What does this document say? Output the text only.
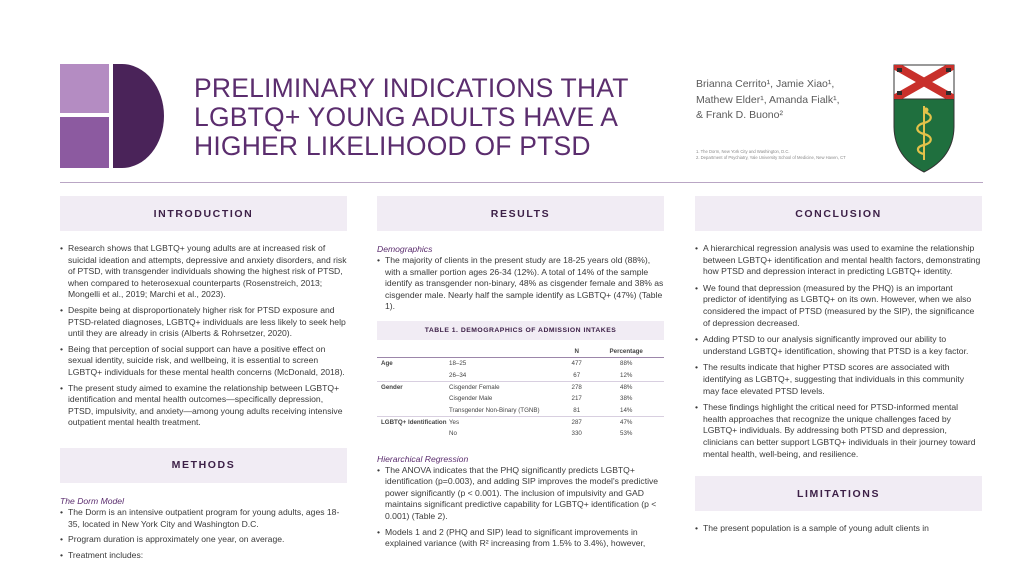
PRELIMINARY INDICATIONS THAT
LGBTQ+ YOUNG ADULTS HAVE A
HIGHER LIKELIHOOD OF PTSD
Brianna Cerrito¹, Jamie Xiao¹,
Mathew Elder¹, Amanda Fialk¹,
& Frank D. Buono²
1. The Dorm, New York City and Washington, D.C.
2. Department of Psychiatry, Yale University School of Medicine, New Haven, CT
INTRODUCTION
• Research shows that LGBTQ+ young adults are at increased risk of suicidal ideation and attempts, depressive and anxiety disorders, and risk of PTSD, with transgender individuals showing the highest risk of PTSD, when compared to heterosexual counterparts (Rosenstreich, 2013; Mongelli et al., 2019; Marchi et al., 2023).
• Despite being at disproportionately higher risk for PTSD exposure and PTSD-related diagnoses, LGBTQ+ individuals are less likely to seek help until they are already in crisis (Alberts & Rohrsetzer, 2020).
• Being that perception of social support can have a positive effect on sexual identity, suicide risk, and wellbeing, it is essential to screen LGBTQ+ individuals for these mental health concerns (McDonald, 2018).
• The present study aimed to examine the relationship between LGBTQ+ identification and mental health outcomes—specifically depression, PTSD, impulsivity, and anxiety—among young adults receiving intensive outpatient mental health treatment.
METHODS
The Dorm Model
• The Dorm is an intensive outpatient program for young adults, ages 18-35, located in New York City and Washington D.C.
• Program duration is approximately one year, on average.
• Treatment includes:
RESULTS
Demographics
• The majority of clients in the present study are 18-25 years old (88%), with a smaller portion ages 26-34 (12%). A total of 14% of the sample identify as transgender non-binary, 48% as cisgender female and 38% as cisgender male. Nearly half the sample identify as LGBTQ+ (47%) (Table 1).
TABLE 1. DEMOGRAPHICS OF ADMISSION INTAKES
		N	Percentage
Age	18–25	477	88%
	26–34	67	12%
Gender	Cisgender Female	278	48%
	Cisgender Male	217	38%
	Transgender Non-Binary (TGNB)	81	14%
LGBTQ+ Identification	Yes	287	47%
	No	330	53%
Hierarchical Regression
• The ANOVA indicates that the PHQ significantly predicts LGBTQ+ identification (p=0.003), and adding SIP improves the model's predictive power significantly (p < 0.001). The inclusion of impulsivity and GAD maintains significant predictive capability for LGBTQ+ identification (p < 0.001) (Table 2).
• Models 1 and 2 (PHQ and SIP) lead to significant improvements in explained variance (with R² increasing from 1.5% to 3.4%), however,
CONCLUSION
• A hierarchical regression analysis was used to examine the relationship between LGBTQ+ identification and mental health factors, demonstrating how PTSD and depression interact in predicting LGBTQ+ identity.
• We found that depression (measured by the PHQ) is an important predictor of identifying as LGBTQ+ on its own. However, when we also considered the impact of PTSD (measured by the SIP), the significance of depression decreased.
• Adding PTSD to our analysis significantly improved our ability to understand LGBTQ+ identification, showing that PTSD is a key factor.
• The results indicate that higher PTSD scores are associated with identifying as LGBTQ+, suggesting that individuals in this community may face elevated PTSD levels.
• These findings highlight the critical need for PTSD-informed mental health approaches that recognize the unique challenges faced by LGBTQ+ individuals. By addressing both PTSD and depression, clinicians can better support LGBTQ+ individuals in their journey toward mental health, well-being, and resilience.
LIMITATIONS
• The present population is a sample of young adult clients in
